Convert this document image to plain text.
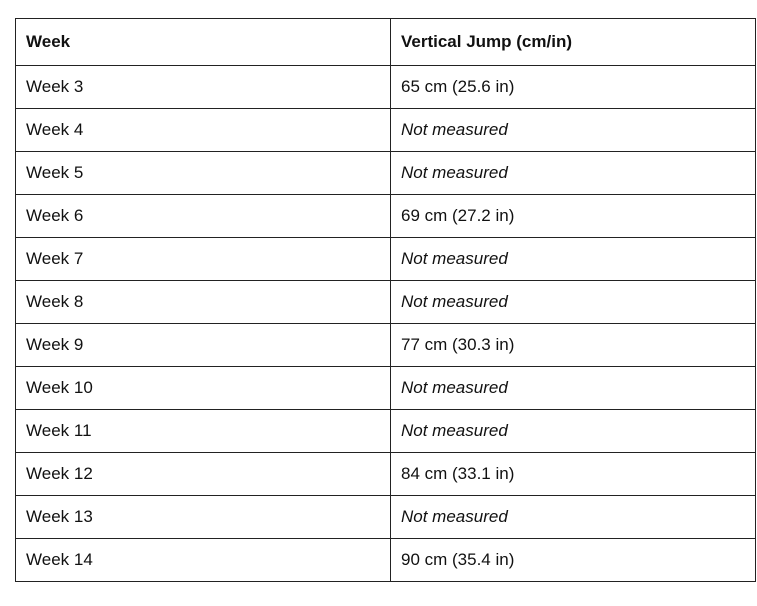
Week	Vertical Jump (cm/in)
Week 3	65 cm (25.6 in)
Week 4	Not measured
Week 5	Not measured
Week 6	69 cm (27.2 in)
Week 7	Not measured
Week 8	Not measured
Week 9	77 cm (30.3 in)
Week 10	Not measured
Week 11	Not measured
Week 12	84 cm (33.1 in)
Week 13	Not measured
Week 14	90 cm (35.4 in)
